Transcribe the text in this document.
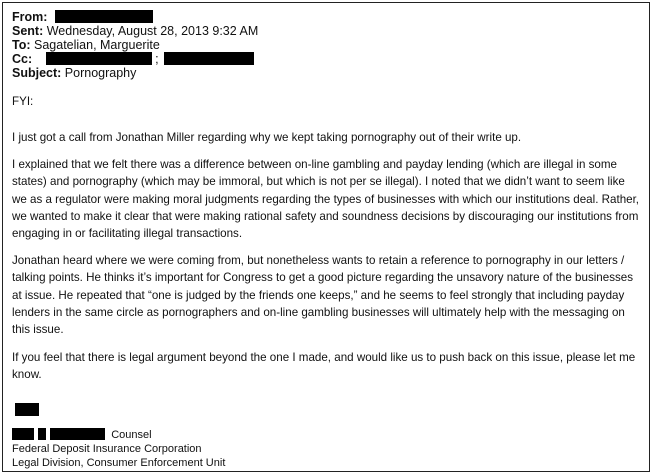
From:
Sent: Wednesday, August 28, 2013 9:32 AM
To: Sagatelian, Marguerite
Cc:	;
Subject: Pornography
FYI:
I just got a call from Jonathan Miller regarding why we kept taking pornography out of their write up.
I explained that we felt there was a difference between on-line gambling and payday lending (which are illegal in some states) and pornography (which may be immoral, but which is not per se illegal). I noted that we didn’t want to seem like we as a regulator were making moral judgments regarding the types of businesses with which our institutions deal. Rather, we wanted to make it clear that were making rational safety and soundness decisions by discouraging our institutions from engaging in or facilitating illegal transactions.
Jonathan heard where we were coming from, but nonetheless wants to retain a reference to pornography in our letters / talking points. He thinks it’s important for Congress to get a good picture regarding the unsavory nature of the businesses at issue. He repeated that “one is judged by the friends one keeps,” and he seems to feel strongly that including payday lenders in the same circle as pornographers and on-line gambling businesses will ultimately help with the messaging on this issue.
If you feel that there is legal argument beyond the one I made, and would like us to push back on this issue, please let me know.
Counsel
Federal Deposit Insurance Corporation
Legal Division, Consumer Enforcement Unit
